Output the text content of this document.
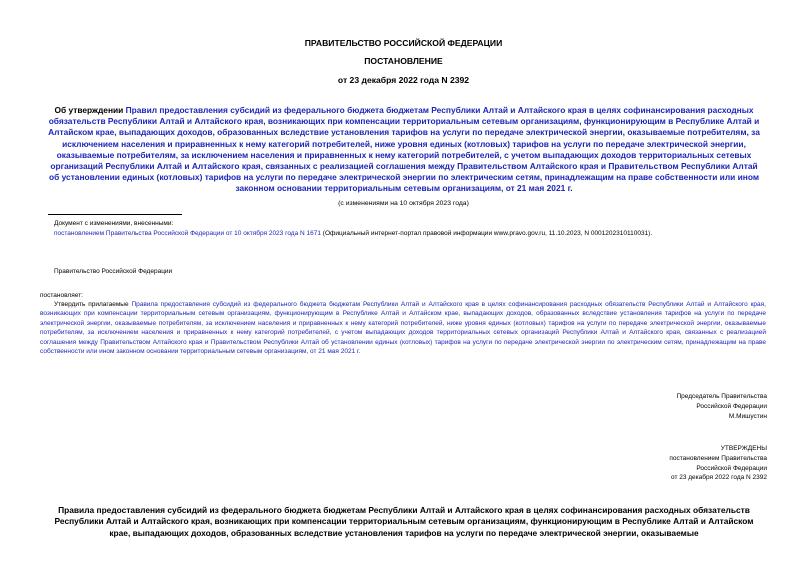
ПРАВИТЕЛЬСТВО РОССИЙСКОЙ ФЕДЕРАЦИИ
ПОСТАНОВЛЕНИЕ
от 23 декабря 2022 года N 2392
Об утверждении Правил предоставления субсидий из федерального бюджета бюджетам Республики Алтай и Алтайского края в целях софинансирования расходных обязательств Республики Алтай и Алтайского края, возникающих при компенсации территориальным сетевым организациям, функционирующим в Республике Алтай и Алтайском крае, выпадающих доходов, образованных вследствие установления тарифов на услуги по передаче электрической энергии, оказываемые потребителям, за исключением населения и приравненных к нему категорий потребителей, ниже уровня единых (котловых) тарифов на услуги по передаче электрической энергии, оказываемые потребителям, за исключением населения и приравненных к нему категорий потребителей, с учетом выпадающих доходов территориальных сетевых организаций Республики Алтай и Алтайского края, связанных с реализацией соглашения между Правительством Алтайского края и Правительством Республики Алтай об установлении единых (котловых) тарифов на услуги по передаче электрической энергии по электрическим сетям, принадлежащим на праве собственности или ином законном основании территориальным сетевым организациям, от 21 мая 2021 г.
(с изменениями на 10 октября 2023 года)
Документ с изменениями, внесенными:
постановлением Правительства Российской Федерации от 10 октября 2023 года N 1671 (Официальный интернет-портал правовой информации www.pravo.gov.ru, 11.10.2023, N 0001202310110031).
Правительство Российской Федерации
постановляет:
Утвердить прилагаемые Правила предоставления субсидий из федерального бюджета бюджетам Республики Алтай и Алтайского края в целях софинансирования расходных обязательств Республики Алтай и Алтайского края, возникающих при компенсации территориальным сетевым организациям, функционирующим в Республике Алтай и Алтайском крае, выпадающих доходов, образованных вследствие установления тарифов на услуги по передаче электрической энергии, оказываемые потребителям, за исключением населения и приравненных к нему категорий потребителей, ниже уровня единых (котловых) тарифов на услуги по передаче электрической энергии, оказываемые потребителям, за исключением населения и приравненных к нему категорий потребителей, с учетом выпадающих доходов территориальных сетевых организаций Республики Алтай и Алтайского края, связанных с реализацией соглашения между Правительством Алтайского края и Правительством Республики Алтай об установлении единых (котловых) тарифов на услуги по передаче электрической энергии по электрическим сетям, принадлежащим на праве собственности или ином законном основании территориальным сетевым организациям, от 21 мая 2021 г.
Председатель Правительства
Российской Федерации
М.Мишустин
УТВЕРЖДЕНЫ
постановлением Правительства
Российской Федерации
от 23 декабря 2022 года N 2392
Правила предоставления субсидий из федерального бюджета бюджетам Республики Алтай и Алтайского края в целях софинансирования расходных обязательств Республики Алтай и Алтайского края, возникающих при компенсации территориальным сетевым организациям, функционирующим в Республике Алтай и Алтайском крае, выпадающих доходов, образованных вследствие установления тарифов на услуги по передаче электрической энергии, оказываемые
